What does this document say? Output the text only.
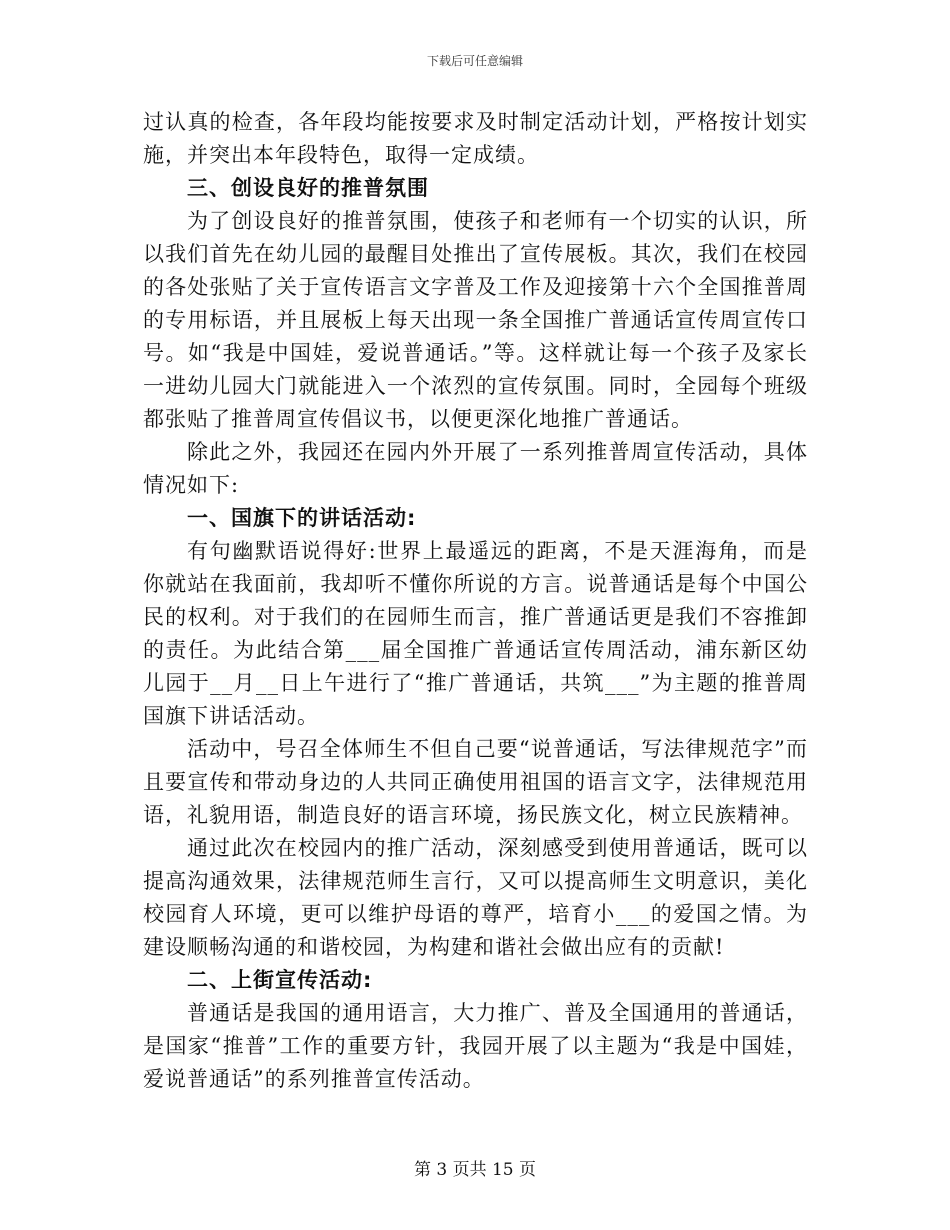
下载后可任意编辑

过认真的检查，各年段均能按要求及时制定活动计划，严格按计划实施，并突出本年段特色，取得一定成绩。

三、创设良好的推普氛围

为了创设良好的推普氛围，使孩子和老师有一个切实的认识，所以我们首先在幼儿园的最醒目处推出了宣传展板。其次，我们在校园的各处张贴了关于宣传语言文字普及工作及迎接第十六个全国推普周的专用标语，并且展板上每天出现一条全国推广普通话宣传周宣传口号。如“我是中国娃，爱说普通话。”等。这样就让每一个孩子及家长一进幼儿园大门就能进入一个浓烈的宣传氛围。同时，全园每个班级都张贴了推普周宣传倡议书，以便更深化地推广普通话。

除此之外，我园还在园内外开展了一系列推普周宣传活动，具体情况如下:

一、国旗下的讲话活动:

有句幽默语说得好:世界上最遥远的距离，不是天涯海角，而是你就站在我面前，我却听不懂你所说的方言。说普通话是每个中国公民的权利。对于我们的在园师生而言，推广普通话更是我们不容推卸的责任。为此结合第___届全国推广普通话宣传周活动，浦东新区幼儿园于__月__日上午进行了“推广普通话，共筑___”为主题的推普周国旗下讲话活动。

活动中，号召全体师生不但自己要“说普通话，写法律规范字”而且要宣传和带动身边的人共同正确使用祖国的语言文字，法律规范用语，礼貌用语，制造良好的语言环境，扬民族文化，树立民族精神。

通过此次在校园内的推广活动，深刻感受到使用普通话，既可以提高沟通效果，法律规范师生言行，又可以提高师生文明意识，美化校园育人环境，更可以维护母语的尊严，培育小___的爱国之情。为建设顺畅沟通的和谐校园，为构建和谐社会做出应有的贡献!

二、上街宣传活动:

普通话是我国的通用语言，大力推广、普及全国通用的普通话，是国家“推普”工作的重要方针，我园开展了以主题为“我是中国娃，爱说普通话”的系列推普宣传活动。

第 3 页共 15 页
